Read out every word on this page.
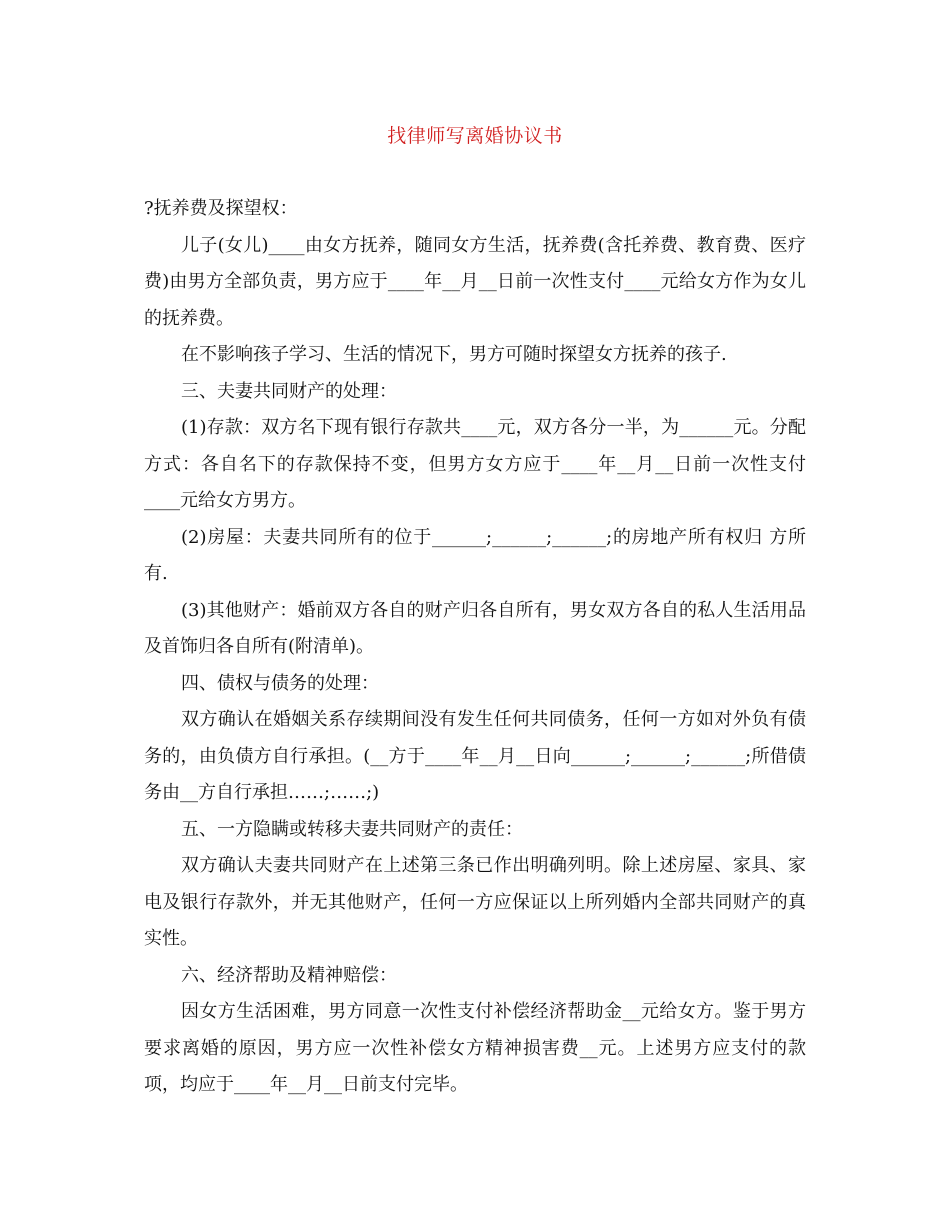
找律师写离婚协议书

?抚养费及探望权：

儿子(女儿)____由女方抚养，随同女方生活，抚养费(含托养费、教育费、医疗费)由男方全部负责，男方应于____年__月__日前一次性支付____元给女方作为女儿的抚养费。

在不影响孩子学习、生活的情况下，男方可随时探望女方抚养的孩子.

三、夫妻共同财产的处理：

(1)存款：双方名下现有银行存款共____元，双方各分一半，为______元。分配方式：各自名下的存款保持不变，但男方女方应于____年__月__日前一次性支付____元给女方男方。

(2)房屋：夫妻共同所有的位于______;______;______;的房地产所有权归 方所有.

(3)其他财产：婚前双方各自的财产归各自所有，男女双方各自的私人生活用品及首饰归各自所有(附清单)。

四、债权与债务的处理：

双方确认在婚姻关系存续期间没有发生任何共同债务，任何一方如对外负有债务的，由负债方自行承担。(__方于____年__月__日向______;______;______;所借债务由__方自行承担……;……;)

五、一方隐瞒或转移夫妻共同财产的责任：

双方确认夫妻共同财产在上述第三条已作出明确列明。除上述房屋、家具、家电及银行存款外，并无其他财产，任何一方应保证以上所列婚内全部共同财产的真实性。

六、经济帮助及精神赔偿：

因女方生活困难，男方同意一次性支付补偿经济帮助金__元给女方。鉴于男方要求离婚的原因，男方应一次性补偿女方精神损害费__元。上述男方应支付的款项，均应于____年__月__日前支付完毕。
